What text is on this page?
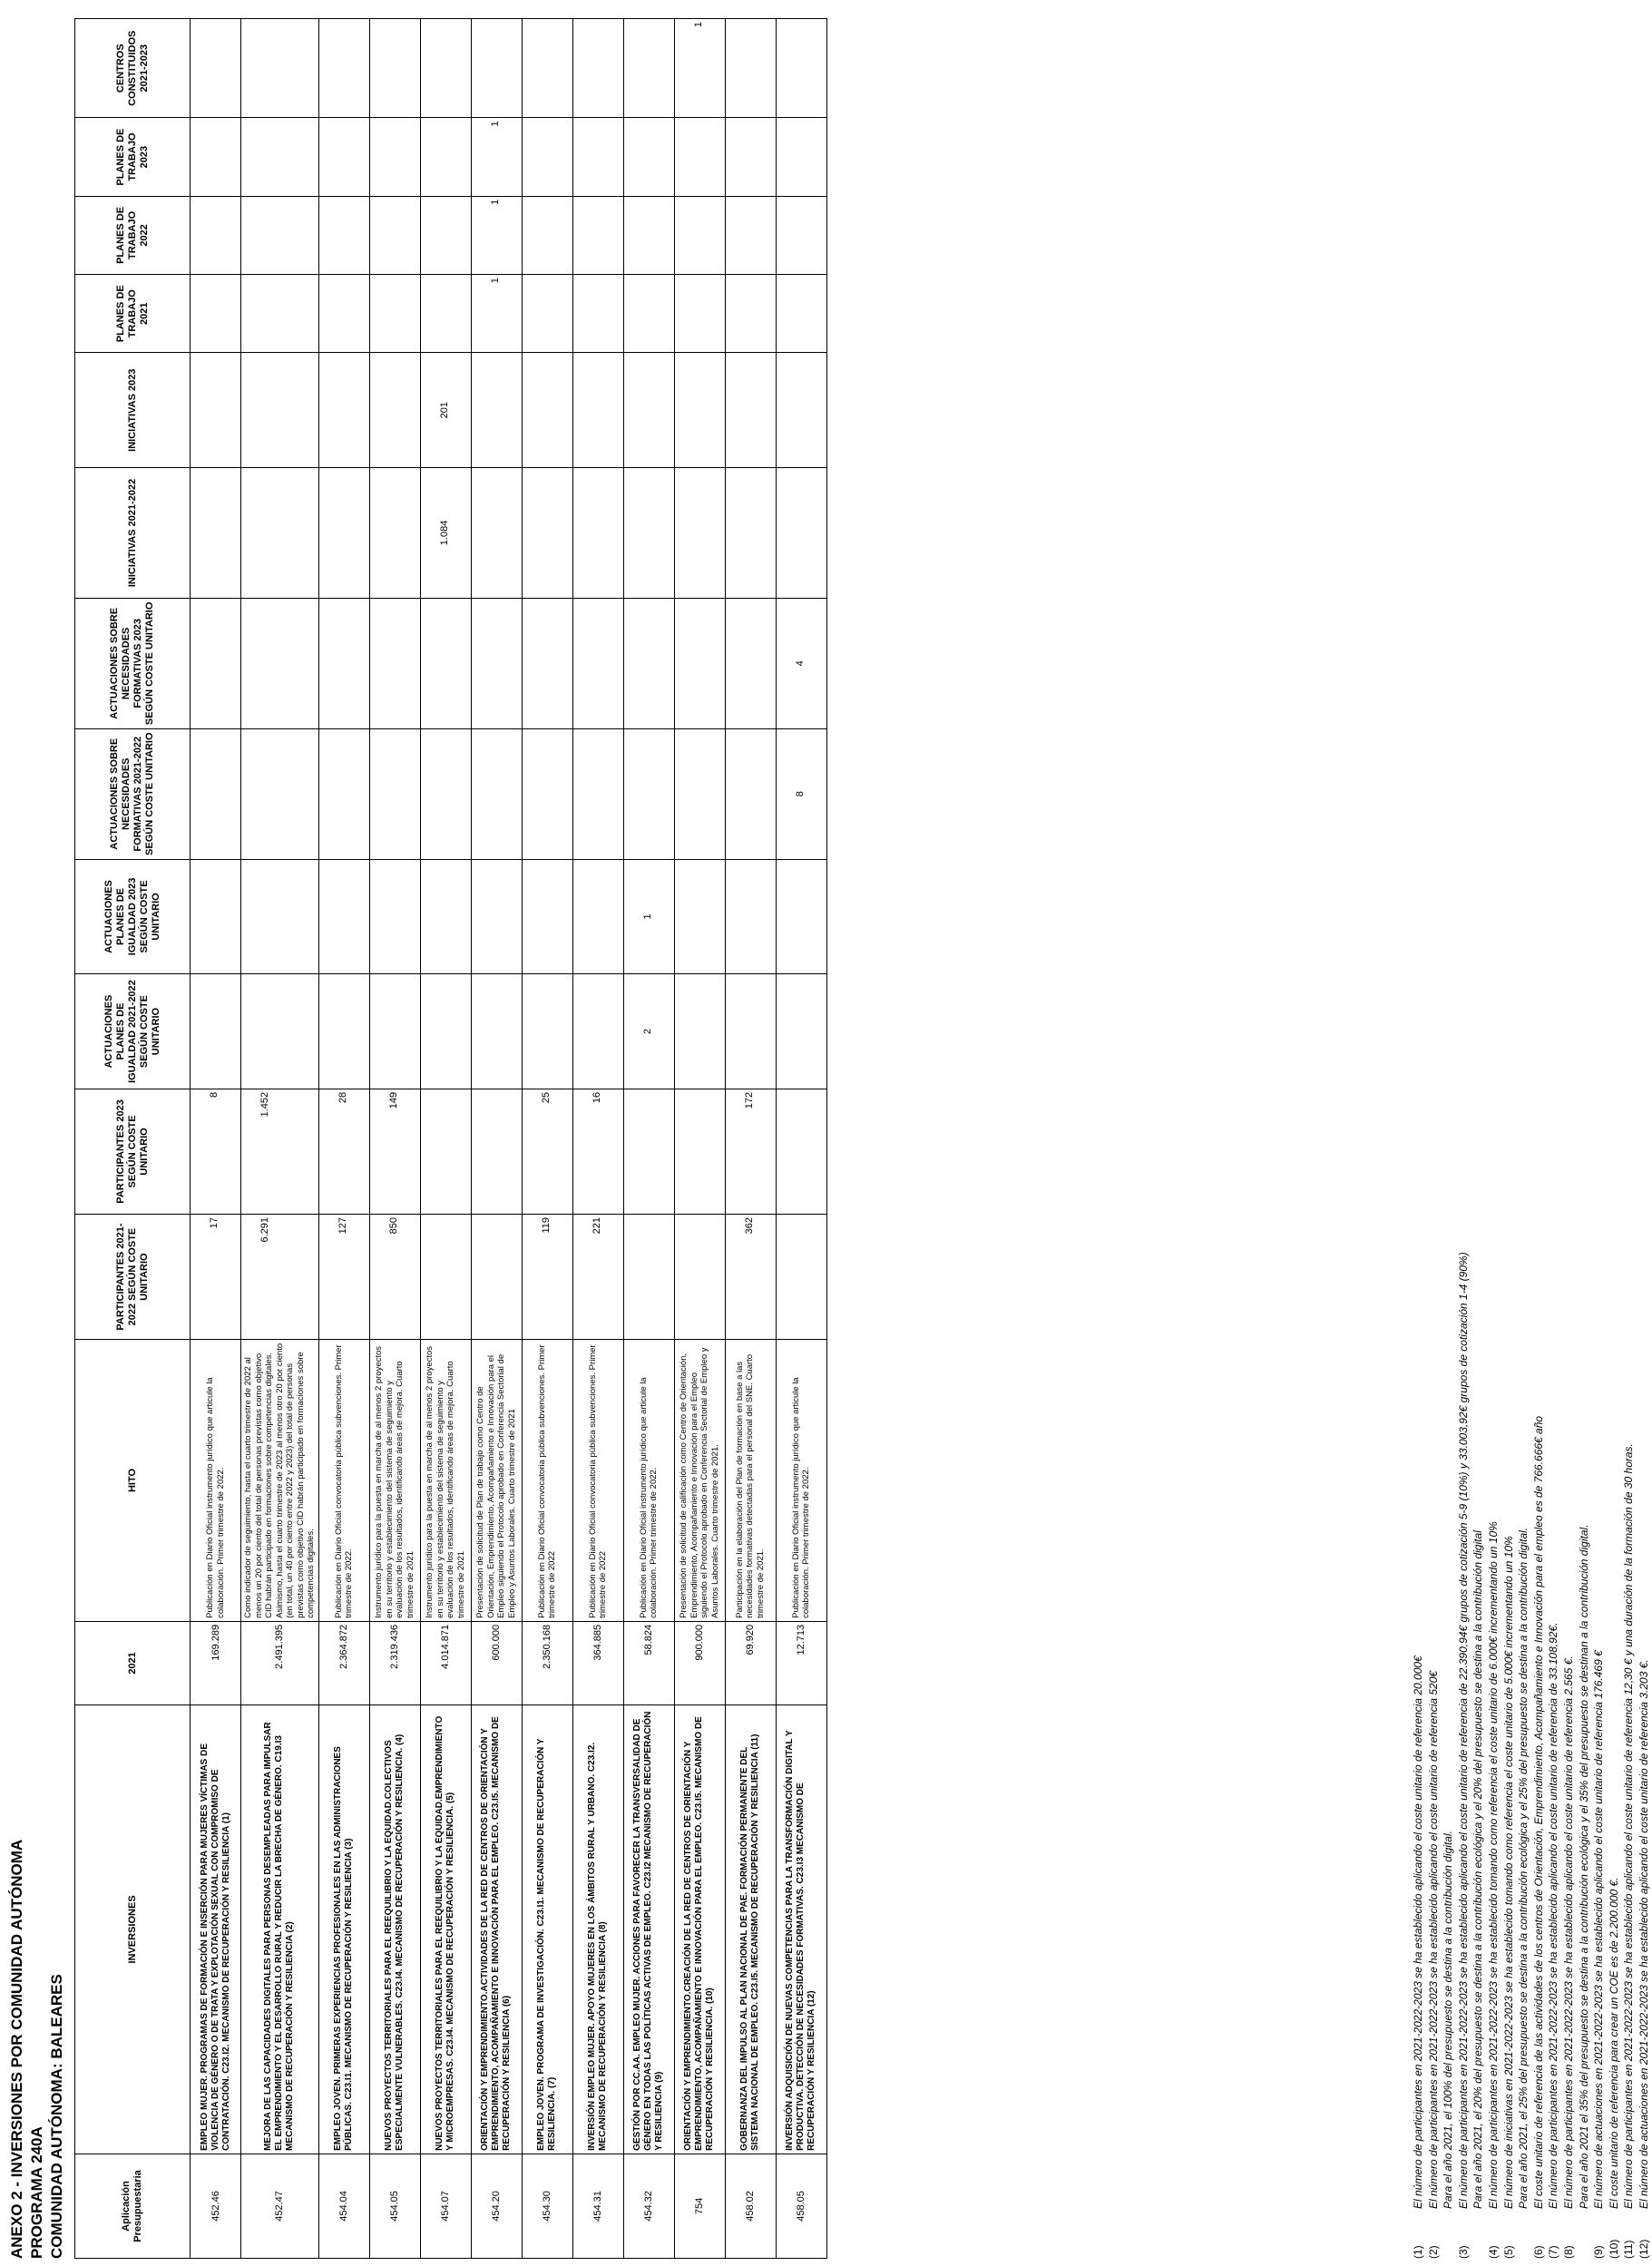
ANEXO 2 - INVERSIONES POR COMUNIDAD AUTÓNOMA PROGRAMA 240A COMUNIDAD AUTÓNOMA: BALEARES	Aplicación Presupuestaria	INVERSIONES	2021	HITO	PARTICIPANTES 2021-2022 SEGÚN COSTE UNITARIO	PARTICIPANTES 2023 SEGÚN COSTE UNITARIO	ACTUACIONES PLANES DE IGUALDAD 2021-2022 SEGÚN COSTE UNITARIO	ACTUACIONES PLANES DE IGUALDAD 2023 SEGÚN COSTE UNITARIO	ACTUACIONES SOBRE NECESIDADES FORMATIVAS 2021-2022 SEGÚN COSTE UNITARIO	ACTUACIONES SOBRE NECESIDADES FORMATIVAS 2023 SEGÚN COSTE UNITARIO	INICIATIVAS 2021-2022	INICIATIVAS 2023	PLANES DE TRABAJO 2021	PLANES DE TRABAJO 2022	PLANES DE TRABAJO 2023	CENTROS CONSTITUIDOS 2021-2023
452.46	EMPLEO MUJER. PROGRAMAS DE FORMACIÓN E INSERCIÓN PARA MUJERES VÍCTIMAS DE VIOLENCIA DE GÉNERO O DE TRATA Y EXPLOTACIÓN SEXUAL CON COMPROMISO DE CONTRATACIÓN. C23.I2. MECANISMO DE RECUPERACIÓN Y RESILIENCIA (1)	169.289	Publicación en Diario Oficial instrumento jurídico que articule la colaboración. Primer trimestre de 2022.	17	8										
452.47	MEJORA DE LAS CAPACIDADES DIGITALES PARA PERSONAS DESEMPLEADAS PARA IMPULSAR EL EMPRENDIMIENTO Y EL DESARROLLO RURAL Y REDUCIR LA BRECHA DE GÉNERO. C19.I3 MECANISMO DE RECUPERACIÓN Y RESILIENCIA (2)	2.491.395	Como indicador de seguimiento, hasta el cuarto trimestre de 2022 al menos un 20 por ciento del total de personas previstas como objetivo CID habrán participado en formaciones sobre competencias digitales. Asimismo, hasta el cuarto trimestre de 2023 al menos otro 20 por ciento (en total, un 40 por ciento entre 2022 y 2023) del total de personas previstas como objetivo CID habrán participado en formaciones sobre competencias digitales.	6.291	1.452										
454.04	EMPLEO JOVEN. PRIMERAS EXPERIENCIAS PROFESIONALES EN LAS ADMINISTRACIONES PÚBLICAS. C23.I1. MECANISMO DE RECUPERACIÓN Y RESILIENCIA (3)	2.364.872	Publicación en Diario Oficial convocatoria pública subvenciones. Primer trimestre de 2022.	127	28										
454.05	NUEVOS PROYECTOS TERRITORIALES PARA EL REEQUILIBRIO Y LA EQUIDAD.COLECTIVOS ESPECIALMENTE VULNERABLES. C23.I4. MECANISMO DE RECUPERACIÓN Y RESILIENCIA. (4)	2.319.436	Instrumento jurídico para la puesta en marcha de al menos 2 proyectos en su territorio y establecimiento del sistema de seguimiento y evaluación de los resultados, identificando áreas de mejora. Cuarto trimestre de 2021	850	149										
454.07	NUEVOS PROYECTOS TERRITORIALES PARA EL REEQUILIBRIO Y LA EQUIDAD.EMPRENDIMIENTO Y MICROEMPRESAS. C23.I4. MECANISMO DE RECUPERACIÓN Y RESILIENCIA. (5)	4.014.871	Instrumento jurídico para la puesta en marcha de al menos 2 proyectos en su territorio y establecimiento del sistema de seguimiento y evaluación de los resultados, identificando áreas de mejora. Cuarto trimestre de 2021							1.084	201				
454.20	ORIENTACIÓN Y EMPRENDIMIENTO.ACTIVIDADES DE LA RED DE CENTROS DE ORIENTACIÓN Y EMPRENDIMIENTO, ACOMPAÑAMIENTO E INNOVACIÓN PARA EL EMPLEO. C23.I5. MECANISMO DE RECUPERACIÓN Y RESILIENCIA (6)	600.000	Presentación de solicitud de Plan de trabajo como Centro de Orientación, Emprendimiento, Acompañamiento e Innovación para el Empleo siguiendo el Protocolo aprobado en Conferencia Sectorial de Empleo y Asuntos Laborales. Cuarto trimestre de 2021									1	1	1	
454.30	EMPLEO JOVEN. PROGRAMA DE INVESTIGACIÓN. C23.I1. MECANISMO DE RECUPERACIÓN Y RESILIENCIA. (7)	2.350.168	Publicación en Diario Oficial convocatoria pública subvenciones. Primer trimestre de 2022	119	25										
454.31	INVERSIÓN EMPLEO MUJER. APOYO MUJERES EN LOS ÁMBITOS RURAL Y URBANO. C23.I2. MECANISMO DE RECUPERACIÓN Y RESILIENCIA (8)	364.885	Publicación en Diario Oficial convocatoria pública subvenciones. Primer trimestre de 2022	221	16										
454.32	GESTIÓN POR CC.AA. EMPLEO MUJER. ACCIONES PARA FAVORECER LA TRANSVERSALIDAD DE GÉNERO EN TODAS LAS POLÍTICAS ACTIVAS DE EMPLEO. C23.I2 MECANISMO DE RECUPERACIÓN Y RESILIENCIA (9)	58.824	Publicación en Diario Oficial instrumento jurídico que articule la colaboración. Primer trimestre de 2022.			2	1								
754	ORIENTACIÓN Y EMPRENDIMIENTO.CREACIÓN DE LA RED DE CENTROS DE ORIENTACIÓN Y EMPRENDIMIENTO, ACOMPAÑAMIENTO E INNOVACIÓN PARA EL EMPLEO. C23.I5. MECANISMO DE RECUPERACIÓN Y RESILIENCIA. (10)	900.000	Presentación de solicitud de calificación como Centro de Orientación, Emprendimiento, Acompañamiento e Innovación para el Empleo siguiendo el Protocolo aprobado en Conferencia Sectorial de Empleo y Asuntos Laborales. Cuarto trimestre de 2021.												1
458.02	GOBERNANZA DEL IMPULSO AL PLAN NACIONAL DE PAE. FORMACIÓN PERMANENTE DEL SISTEMA NACIONAL DE EMPLEO. C23.I5. MECANISMO DE RECUPERACIÓN Y RESILIENCIA (11)	69.920	Participación en la elaboración del Plan de formación en base a las necesidades formativas detectadas para el personal del SNE. Cuarto trimestre de 2021.	362	172										
458.05	INVERSIÓN ADQUISICIÓN DE NUEVAS COMPETENCIAS PARA LA TRANSFORMACIÓN DIGITAL Y PRODUCTIVA. DETECCIÓN DE NECESIDADES FORMATIVAS. C23.I3 MECANISMO DE RECUPERACIÓN Y RESILIENCIA (12)	12.713	Publicación en Diario Oficial instrumento jurídico que articule la colaboración. Primer trimestre de 2022.					8	4						
(1)
El número de participantes en 2021-2022-2023 se ha establecido aplicando el coste unitario de referencia 20.000€
(2)
El número de participantes en 2021-2022-2023 se ha establecido aplicando el coste unitario de referencia 520€ Para el año 2021, el 100% del presupuesto se destina a la contribución digital.
(3)
El número de participantes en 2021-2022-2023 se ha establecido aplicando el coste unitario de referencia de 22.390,94€ grupos de cotización 5-9 (10%) y 33.003,92€ grupos de cotización 1-4 (90%) Para el año 2021, el 20% del presupuesto se destina a la contribución ecológica y el 20% del presupuesto se destina a la contribución digital
(4)
El número de participantes en 2021-2022-2023 se ha establecido tomando como referencia el coste unitario de 6.000€ incrementando un 10%
(5)
El número de iniciativas en 2021-2022-2023 se ha establecido tomando como referencia el coste unitario de 5.000€ incrementando un 10% Para el año 2021, el 25% del presupuesto se destina a la contribución ecológica y el 25% del presupuesto se destina a la contribución digital.
(6)
El coste unitario de referencia de las actividades de los centros de Orientación, Emprendimiento, Acompañamiento e Innovación para el empleo es de 766.666€ año
(7)
El número de participantes en 2021-2022-2023 se ha establecido aplicando el coste unitario de referencia de 33.108,92€.
(8)
El número de participantes en 2021-2022-2023 se ha establecido aplicando el coste unitario de referencia 2.565 €. Para el año 2021 el 35% del presupuesto se destina a la contribución ecológica y el 35% del presupuesto se destinan a la contribución digital.
(9)
El número de actuaciones en 2021-2022-2023 se ha establecido aplicando el coste unitario de referencia 176.469 €
(10)
El coste unitario de referencia para crear un COE es de 2.200.000 €.
(11)
El número de participantes en 2021-2022-2023 se ha establecido aplicando el coste unitario de referencia 12,30 € y una duración de la formación de 30 horas.
(12)
El número de actuaciones en 2021-2022-2023 se ha establecido aplicando el coste unitario de referencia 3.203 €.
